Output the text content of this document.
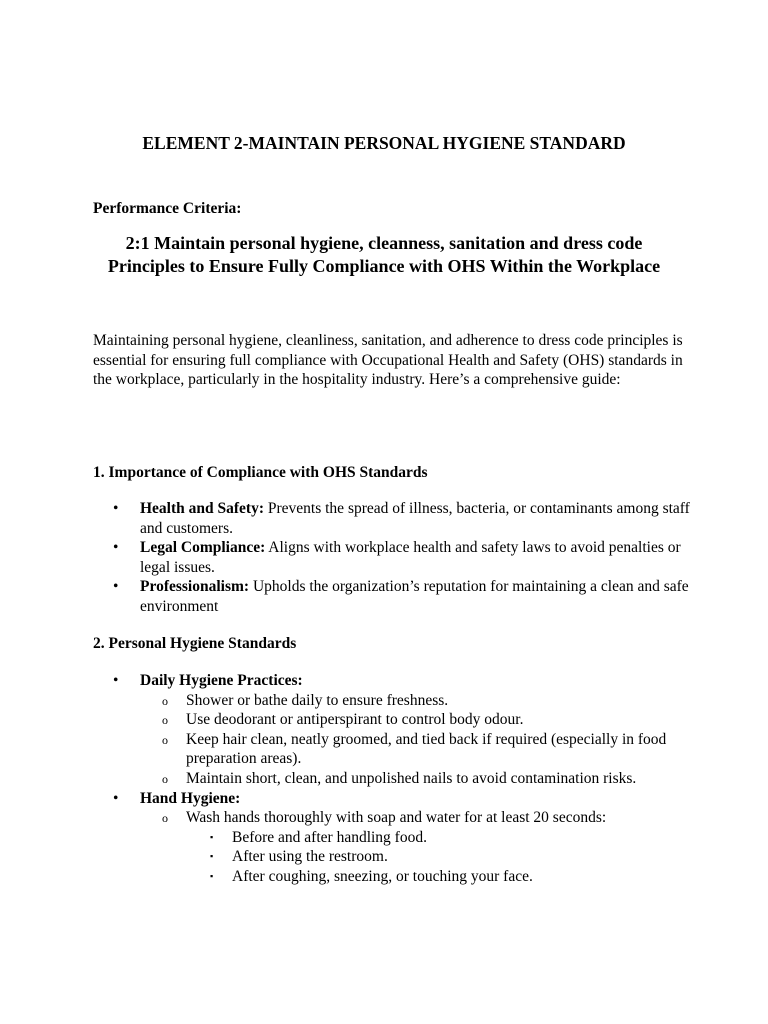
ELEMENT 2-MAINTAIN PERSONAL HYGIENE STANDARD

Performance Criteria:

2:1 Maintain personal hygiene, cleanness, sanitation and dress code Principles to Ensure Fully Compliance with OHS Within the Workplace

Maintaining personal hygiene, cleanliness, sanitation, and adherence to dress code principles is essential for ensuring full compliance with Occupational Health and Safety (OHS) standards in the workplace, particularly in the hospitality industry. Here’s a comprehensive guide:

1. Importance of Compliance with OHS Standards
• Health and Safety: Prevents the spread of illness, bacteria, or contaminants among staff and customers.
• Legal Compliance: Aligns with workplace health and safety laws to avoid penalties or legal issues.
• Professionalism: Upholds the organization’s reputation for maintaining a clean and safe environment
2. Personal Hygiene Standards
• Daily Hygiene Practices:
o Shower or bathe daily to ensure freshness.
o Use deodorant or antiperspirant to control body odour.
o Keep hair clean, neatly groomed, and tied back if required (especially in food preparation areas).
o Maintain short, clean, and unpolished nails to avoid contamination risks.
• Hand Hygiene:
o Wash hands thoroughly with soap and water for at least 20 seconds:
▪ Before and after handling food.
▪ After using the restroom.
▪ After coughing, sneezing, or touching your face.
